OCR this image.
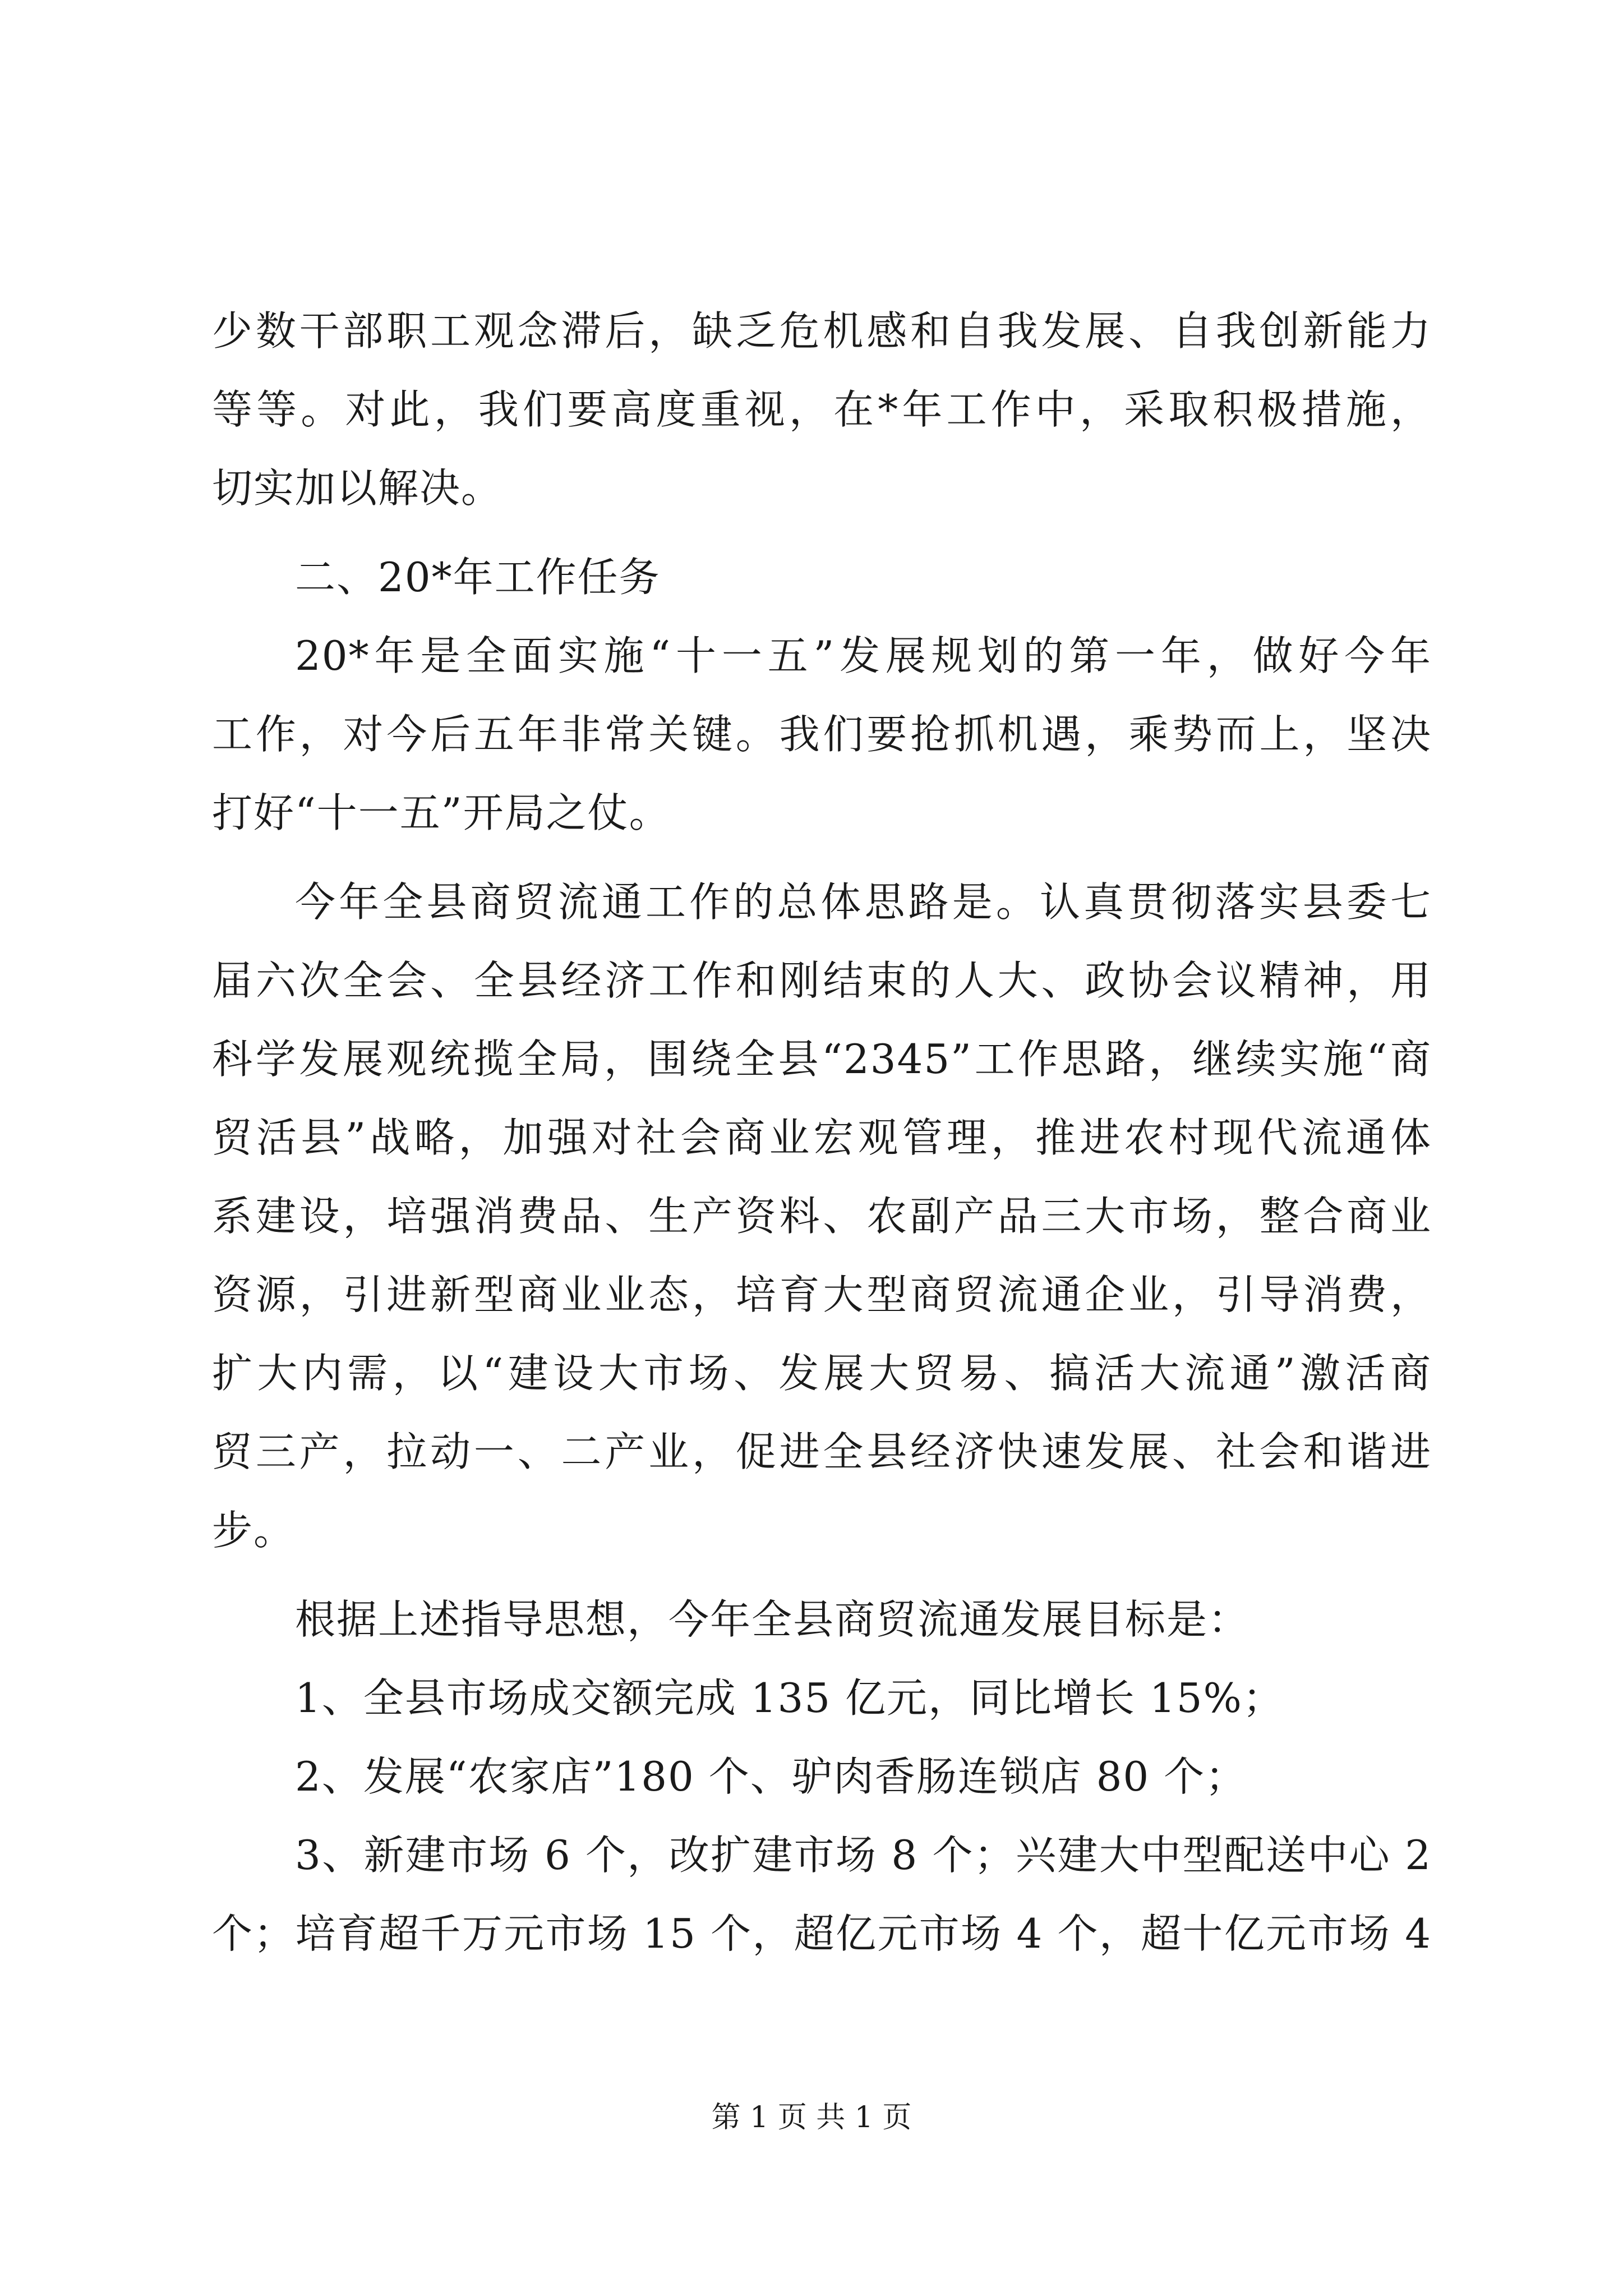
少数干部职工观念滞后，缺乏危机感和自我发展、自我创新能力
等等。对此，我们要高度重视，在*年工作中，采取积极措施，
切实加以解决。
二、20*年工作任务
20*年是全面实施“十一五”发展规划的第一年，做好今年
工作，对今后五年非常关键。我们要抢抓机遇，乘势而上，坚决
打好“十一五”开局之仗。
今年全县商贸流通工作的总体思路是。认真贯彻落实县委七
届六次全会、全县经济工作和刚结束的人大、政协会议精神，用
科学发展观统揽全局，围绕全县“2345”工作思路，继续实施“商
贸活县”战略，加强对社会商业宏观管理，推进农村现代流通体
系建设，培强消费品、生产资料、农副产品三大市场，整合商业
资源，引进新型商业业态，培育大型商贸流通企业，引导消费，
扩大内需，以“建设大市场、发展大贸易、搞活大流通”激活商
贸三产，拉动一、二产业，促进全县经济快速发展、社会和谐进
步。
根据上述指导思想，今年全县商贸流通发展目标是：
1、全县市场成交额完成 135 亿元，同比增长 15%；
2、发展“农家店”180 个、驴肉香肠连锁店 80 个；
3、新建市场 6 个，改扩建市场 8 个；兴建大中型配送中心 2
个；培育超千万元市场 15 个，超亿元市场 4 个，超十亿元市场 4
第 1 页 共 1 页
